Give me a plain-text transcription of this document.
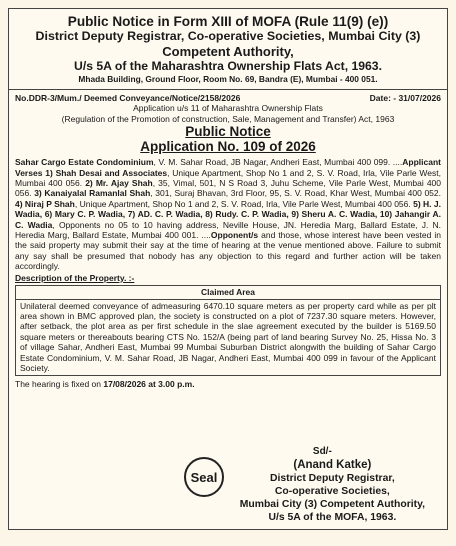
Public Notice in Form XIII of MOFA (Rule 11(9) (e))
District Deputy Registrar, Co-operative Societies, Mumbai City (3)
Competent Authority,
U/s 5A of the Maharashtra Ownership Flats Act, 1963.
Mhada Building, Ground Floor, Room No. 69, Bandra (E), Mumbai - 400 051.
No.DDR-3/Mum./ Deemed Conveyance/Notice/2158/2026	Date: - 31/07/2026
Application u/s 11 of Maharashtra Ownership Flats
(Regulation of the Promotion of construction, Sale, Management and Transfer) Act, 1963
Public Notice
Application No. 109 of 2026
Sahar Cargo Estate Condominium, V. M. Sahar Road, JB Nagar, Andheri East, Mumbai 400 099. ....Applicant Verses 1) Shah Desai and Associates, Unique Apartment, Shop No 1 and 2, S. V. Road, Irla, Vile Parle West, Mumbai 400 056. 2) Mr. Ajay Shah, 35, Vimal, 501, N S Road 3, Juhu Scheme, Vile Parle West, Mumbai 400 056. 3) Kanaiyalal Ramanlal Shah, 301, Suraj Bhavan, 3rd Floor, 95, S. V. Road, Khar West, Mumbai 400 052. 4) Niraj P Shah, Unique Apartment, Shop No 1 and 2, S. V. Road, Irla, Vile Parle West, Mumbai 400 056. 5) H. J. Wadia, 6) Mary C. P. Wadia, 7) AD. C. P. Wadia, 8) Rudy. C. P. Wadia, 9) Sheru A. C. Wadia, 10) Jahangir A. C. Wadia, Opponents no 05 to 10 having address, Neville House, JN. Heredia Marg, Ballard Estate, J. N. Heredia Marg, Ballard Estate, Mumbai 400 001. ....Opponent/s and those, whose interest have been vested in the said property may submit their say at the time of hearing at the venue mentioned above. Failure to submit any say shall be presumed that nobody has any objection to this regard and further action will be taken accordingly.
Description of the Property. :-
Claimed Area
Unilateral deemed conveyance of admeasuring 6470.10 square meters as per property card while as per plt area shown in BMC approved plan, the society is constructed on a plot of 7237.30 square meters. However, after setback, the plot area as per first schedule in the slae agreement executed by the builder is 5169.50 square meters or thereabouts bearing CTS No. 152/A (being part of land bearing Survey No. 25, Hissa No. 3 of village Sahar, Andheri East, Mumbai 99 Mumbai Suburban District alongwith the building of Sahar Cargo Estate Condominium, V. M. Sahar Road, JB Nagar, Andheri East, Mumbai 400 099 in favour of the Applicant Society.
The hearing is fixed on 17/08/2026 at 3.00 p.m.
Seal
Sd/-
(Anand Katke)
District Deputy Registrar,
Co-operative Societies,
Mumbai City (3) Competent Authority,
U/s 5A of the MOFA, 1963.
